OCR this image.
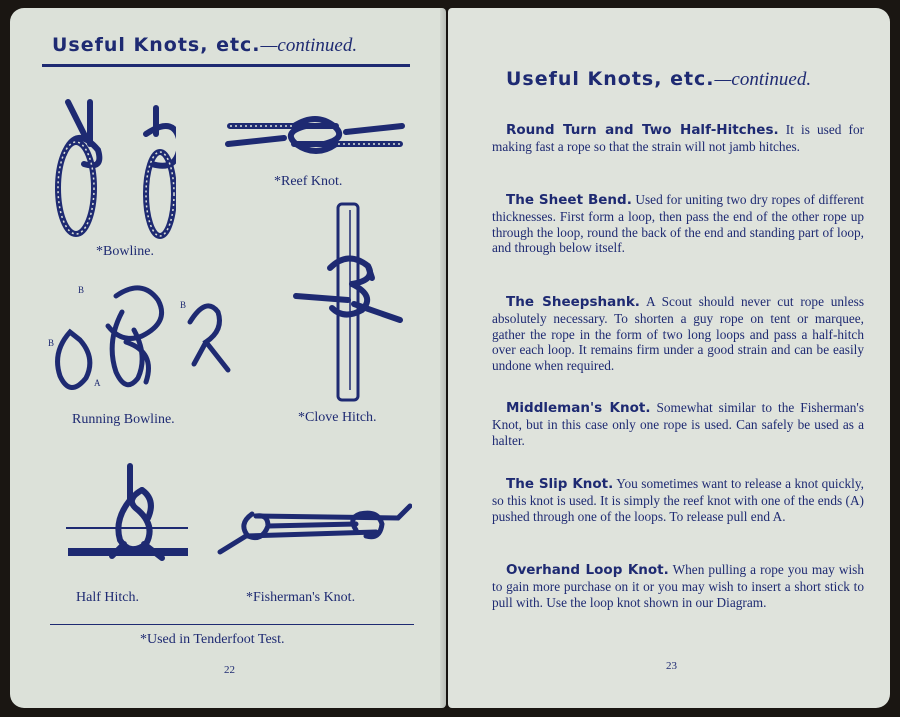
Useful Knots, etc.—continued.
*Bowline.
*Reef Knot.
B
B
B
A
Running Bowline.	*Clove Hitch.
Half Hitch.	*Fisherman's Knot.
*Used in Tenderfoot Test.
22
Useful Knots, etc.—continued.
Round Turn and Two Half-Hitches. It is used for making fast a rope so that the strain will not jamb hitches.
The Sheet Bend. Used for uniting two dry ropes of different thicknesses. First form a loop, then pass the end of the other rope up through the loop, round the back of the end and standing part of loop, and through below itself.
The Sheepshank. A Scout should never cut rope unless absolutely necessary. To shorten a guy rope on tent or marquee, gather the rope in the form of two long loops and pass a half-hitch over each loop. It remains firm under a good strain and can be easily undone when required.
Middleman's Knot. Somewhat similar to the Fisherman's Knot, but in this case only one rope is used. Can safely be used as a halter.
The Slip Knot. You sometimes want to release a knot quickly, so this knot is used. It is simply the reef knot with one of the ends (A) pushed through one of the loops. To release pull end A.
Overhand Loop Knot. When pulling a rope you may wish to gain more purchase on it or you may wish to insert a short stick to pull with. Use the loop knot shown in our Diagram.
23
